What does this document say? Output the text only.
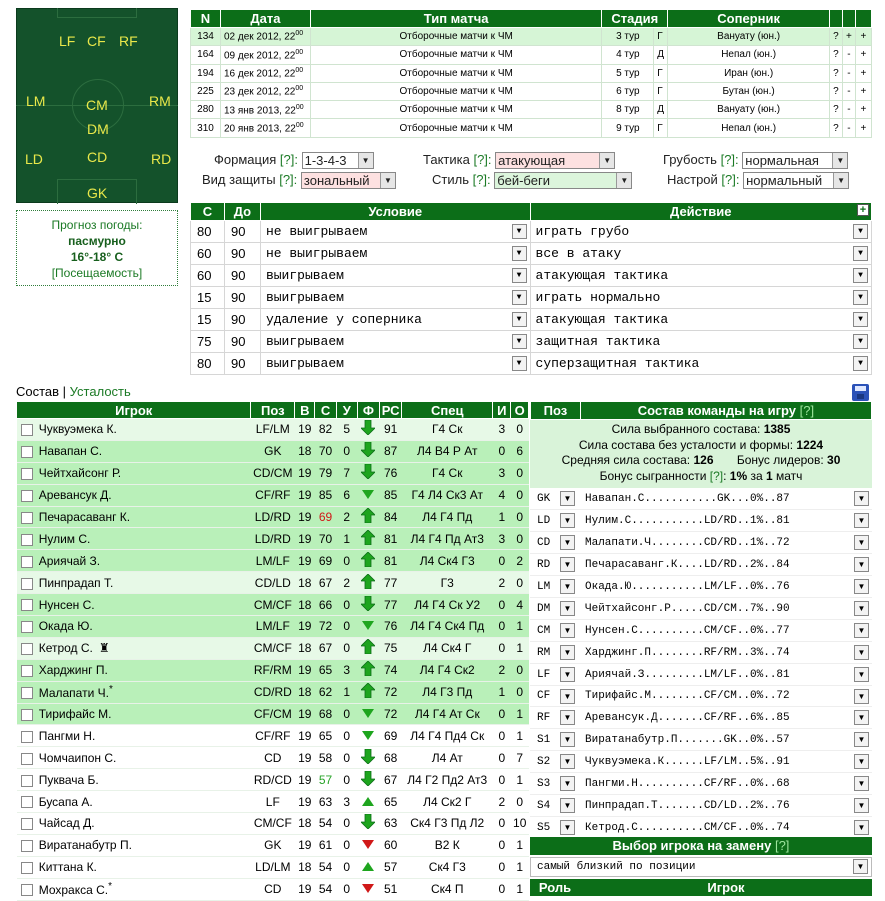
LF CF RF
LM	CM	RM
DM
LD	CD	RD
GK
Прогноз погоды:
пасмурно
16°-18° C
[Посещаемость]
N	Дата	Тип матча	Стадия		Соперник			
134	02 дек 2012, $22^{00}$	Отборочные матчи к ЧМ	3 тур	Г	Вануату (юн.)	?	+	+
164	09 дек 2012, $22^{00}$	Отборочные матчи к ЧМ	4 тур	Д	Непал (юн.)	?	-	+
194	16 дек 2012, $22^{00}$	Отборочные матчи к ЧМ	5 тур	Г	Иран (юн.)	?	-	+
225	23 дек 2012, $22^{00}$	Отборочные матчи к ЧМ	6 тур	Г	Бутан (юн.)	?	-	+
280	13 янв 2013, $22^{00}$	Отборочные матчи к ЧМ	8 тур	Д	Вануату (юн.)	?	-	+
310	20 янв 2013, $22^{00}$	Отборочные матчи к ЧМ	9 тур	Г	Непал (юн.)	?	-	+
Формация [?]: 1-3-4-3	▼
Вид защиты [?]: зональный	▼
Тактика [?]: атакующая	▼
Стиль [?]: бей-беги	▼
Грубость [?]: нормальная	▼
Настрой [?]: нормальный	▼
С	До	Условие	Действие +

80	90	не выигрываем ▼	играть грубо ▼

60	90	не выигрываем ▼	все в атаку ▼

60	90	выигрываем ▼	атакующая тактика ▼

15	90	выигрываем ▼	играть нормально ▼

15	90	удаление у соперника ▼	атакующая тактика ▼

75	90	выигрываем ▼	защитная тактика ▼

80	90	выигрываем ▼	суперзащитная тактика ▼
Состав | Усталость
Игрок		Поз	В	С	У	Ф	РС	Спец	И	О
	Чуквуэмека К.	LF/LM	19	82	5		91	Г4 Ск	3	0
	Навапан С.	GK	18	70	0		87	Л4 В4 Р Ат	0	6
	Чейтхайсонг Р.	CD/CM	19	79	7		76	Г4 Ск	3	0
	Аревансук Д.	CF/RF	19	85	6		85	Г4 Л4 Ск3 Ат	4	0
	Печарасаванг К.	LD/RD	19	69	2		84	Л4 Г4 Пд	1	0
	Нулим С.	LD/RD	19	70	1		81	Л4 Г4 Пд Ат3	3	0
	Ариячай З.	LM/LF	19	69	0		81	Л4 Ск4 Г3	0	2
	Пинпрадап Т.	CD/LD	18	67	2		77	Г3	2	0
	Нунсен С.	CM/CF	18	66	0		77	Л4 Г4 Ск У2	0	4
	Окада Ю.	LM/LF	19	72	0		76	Л4 Г4 Ск4 Пд	0	1
	Кетрод С. ♜	CM/CF	18	67	0		75	Л4 Ск4 Г	0	1
	Харджинг П.	RF/RM	19	65	3		74	Л4 Г4 Ск2	2	0
	Малапати Ч.*	CD/RD	18	62	1		72	Л4 Г3 Пд	1	0
	Тирифайс М.	CF/CM	19	68	0		72	Л4 Г4 Ат Ск	0	1
	Пангми Н.	CF/RF	19	65	0		69	Л4 Г4 Пд4 Ск	0	1
	Чомчаипон С.	CD	19	58	0		68	Л4 Ат	0	7
	Пуквача Б.	RD/CD	19	57	0		67	Л4 Г2 Пд2 Ат3	0	1
	Бусапа А.	LF	19	63	3		65	Л4 Ск2 Г	2	0
	Чайсад Д.	CM/CF	18	54	0		63	Ск4 Г3 Пд Л2	0	10
	Виратанабутр П.	GK	19	61	0		60	В2 К	0	1
	Киттана К.	LD/LM	18	54	0		57	Ск4 Г3	0	1
	Мохракса С.*	CD	19	54	0		51	Ск4 П	0	1
Поз	Состав команды на игру [?]
Сила выбранного состава: 1385
Сила состава без усталости и формы: 1224
Средняя сила состава: 126 Бонус лидеров: 30
Бонус сыгранности [?]: 1% за 1 матч
GK ▼	Навапан.С...........GK...0%..87 ▼

LD ▼	Нулим.С...........LD/RD..1%..81 ▼

CD ▼	Малапати.Ч........CD/RD..1%..72 ▼

RD ▼	Печарасаванг.К....LD/RD..2%..84 ▼

LM ▼	Окада.Ю...........LM/LF..0%..76 ▼

DM ▼	Чейтхайсонг.Р.....CD/CM..7%..90 ▼

CM ▼	Нунсен.С..........CM/CF..0%..77 ▼

RM ▼	Харджинг.П........RF/RM..3%..74 ▼

LF ▼	Ариячай.З.........LM/LF..0%..81 ▼

CF ▼	Тирифайс.М........CF/CM..0%..72 ▼

RF ▼	Аревансук.Д.......CF/RF..6%..85 ▼

S1 ▼	Виратанабутр.П.......GK..0%..57 ▼

S2 ▼	Чуквуэмека.К......LF/LM..5%..91 ▼

S3 ▼	Пангми.Н..........CF/RF..0%..68 ▼

S4 ▼	Пинпрадап.Т.......CD/LD..2%..76 ▼

S5 ▼	Кетрод.С..........CM/CF..0%..74 ▼
Выбор игрока на замену [?]
самый близкий по позиции	▼
Роль	Игрок
